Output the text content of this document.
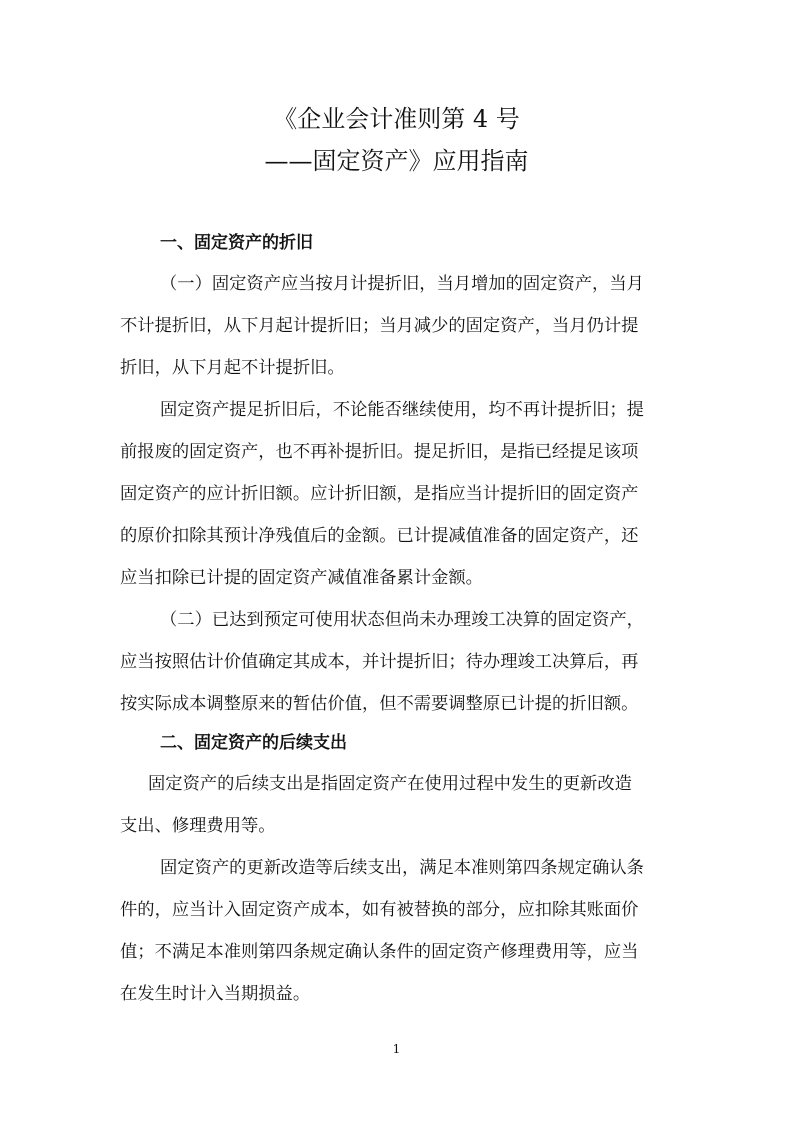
《企业会计准则第 4 号
——固定资产》应用指南
一、固定资产的折旧
（一）固定资产应当按月计提折旧，当月增加的固定资产，当月
不计提折旧，从下月起计提折旧；当月减少的固定资产，当月仍计提
折旧，从下月起不计提折旧。
固定资产提足折旧后，不论能否继续使用，均不再计提折旧；提
前报废的固定资产，也不再补提折旧。提足折旧，是指已经提足该项
固定资产的应计折旧额。应计折旧额，是指应当计提折旧的固定资产
的原价扣除其预计净残值后的金额。已计提减值准备的固定资产，还
应当扣除已计提的固定资产减值准备累计金额。
（二）已达到预定可使用状态但尚未办理竣工决算的固定资产，
应当按照估计价值确定其成本，并计提折旧；待办理竣工决算后，再
按实际成本调整原来的暂估价值，但不需要调整原已计提的折旧额。
二、固定资产的后续支出
固定资产的后续支出是指固定资产在使用过程中发生的更新改造
支出、修理费用等。
固定资产的更新改造等后续支出，满足本准则第四条规定确认条
件的，应当计入固定资产成本，如有被替换的部分，应扣除其账面价
值；不满足本准则第四条规定确认条件的固定资产修理费用等，应当
在发生时计入当期损益。
1
